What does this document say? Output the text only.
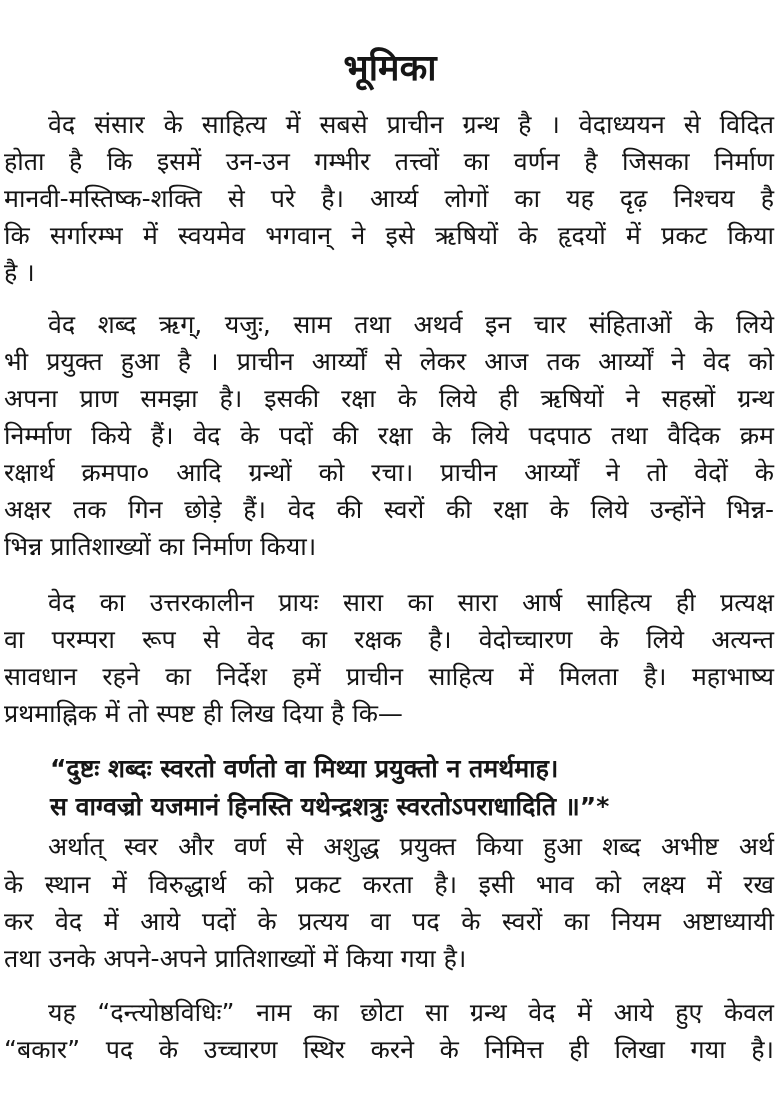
भूमिका
वेद संसार के साहित्य में सबसे प्राचीन ग्रन्थ है । वेदाध्ययन से विदित
होता है कि इसमें उन-उन गम्भीर तत्त्वों का वर्णन है जिसका निर्माण
मानवी-मस्तिष्क-शक्ति से परे है। आर्य्य लोगों का यह दृढ़ निश्चय है
कि सर्गारम्भ में स्वयमेव भगवान् ने इसे ऋषियों के हृदयों में प्रकट किया
है ।
वेद शब्द ऋग्, यजुः, साम तथा अथर्व इन चार संहिताओं के लिये
भी प्रयुक्त हुआ है । प्राचीन आर्य्यों से लेकर आज तक आर्य्यों ने वेद को
अपना प्राण समझा है। इसकी रक्षा के लिये ही ऋषियों ने सहस्रों ग्रन्थ
निर्म्माण किये हैं। वेद के पदों की रक्षा के लिये पदपाठ तथा वैदिक क्रम
रक्षार्थ क्रमपा० आदि ग्रन्थों को रचा। प्राचीन आर्य्यों ने तो वेदों के
अक्षर तक गिन छोड़े हैं। वेद की स्वरों की रक्षा के लिये उन्होंने भिन्न-
भिन्न प्रातिशाख्यों का निर्माण किया।
वेद का उत्तरकालीन प्रायः सारा का सारा आर्ष साहित्य ही प्रत्यक्ष
वा परम्परा रूप से वेद का रक्षक है। वेदोच्चारण के लिये अत्यन्त
सावधान रहने का निर्देश हमें प्राचीन साहित्य में मिलता है। महाभाष्य
प्रथमाह्निक में तो स्पष्ट ही लिख दिया है कि—
“दुष्टः शब्दः स्वरतो वर्णतो वा मिथ्या प्रयुक्तो न तमर्थमाह।
स वाग्वज्रो यजमानं हिनस्ति यथेन्द्रशत्रुः स्वरतोऽपराधादिति ॥”*
अर्थात् स्वर और वर्ण से अशुद्ध प्रयुक्त किया हुआ शब्द अभीष्ट अर्थ
के स्थान में विरुद्धार्थ को प्रकट करता है। इसी भाव को लक्ष्य में रख
कर वेद में आये पदों के प्रत्यय वा पद के स्वरों का नियम अष्टाध्यायी
तथा उनके अपने-अपने प्रातिशाख्यों में किया गया है।
यह “दन्त्योष्ठविधिः” नाम का छोटा सा ग्रन्थ वेद में आये हुए केवल
“बकार” पद के उच्चारण स्थिर करने के निमित्त ही लिखा गया है।
